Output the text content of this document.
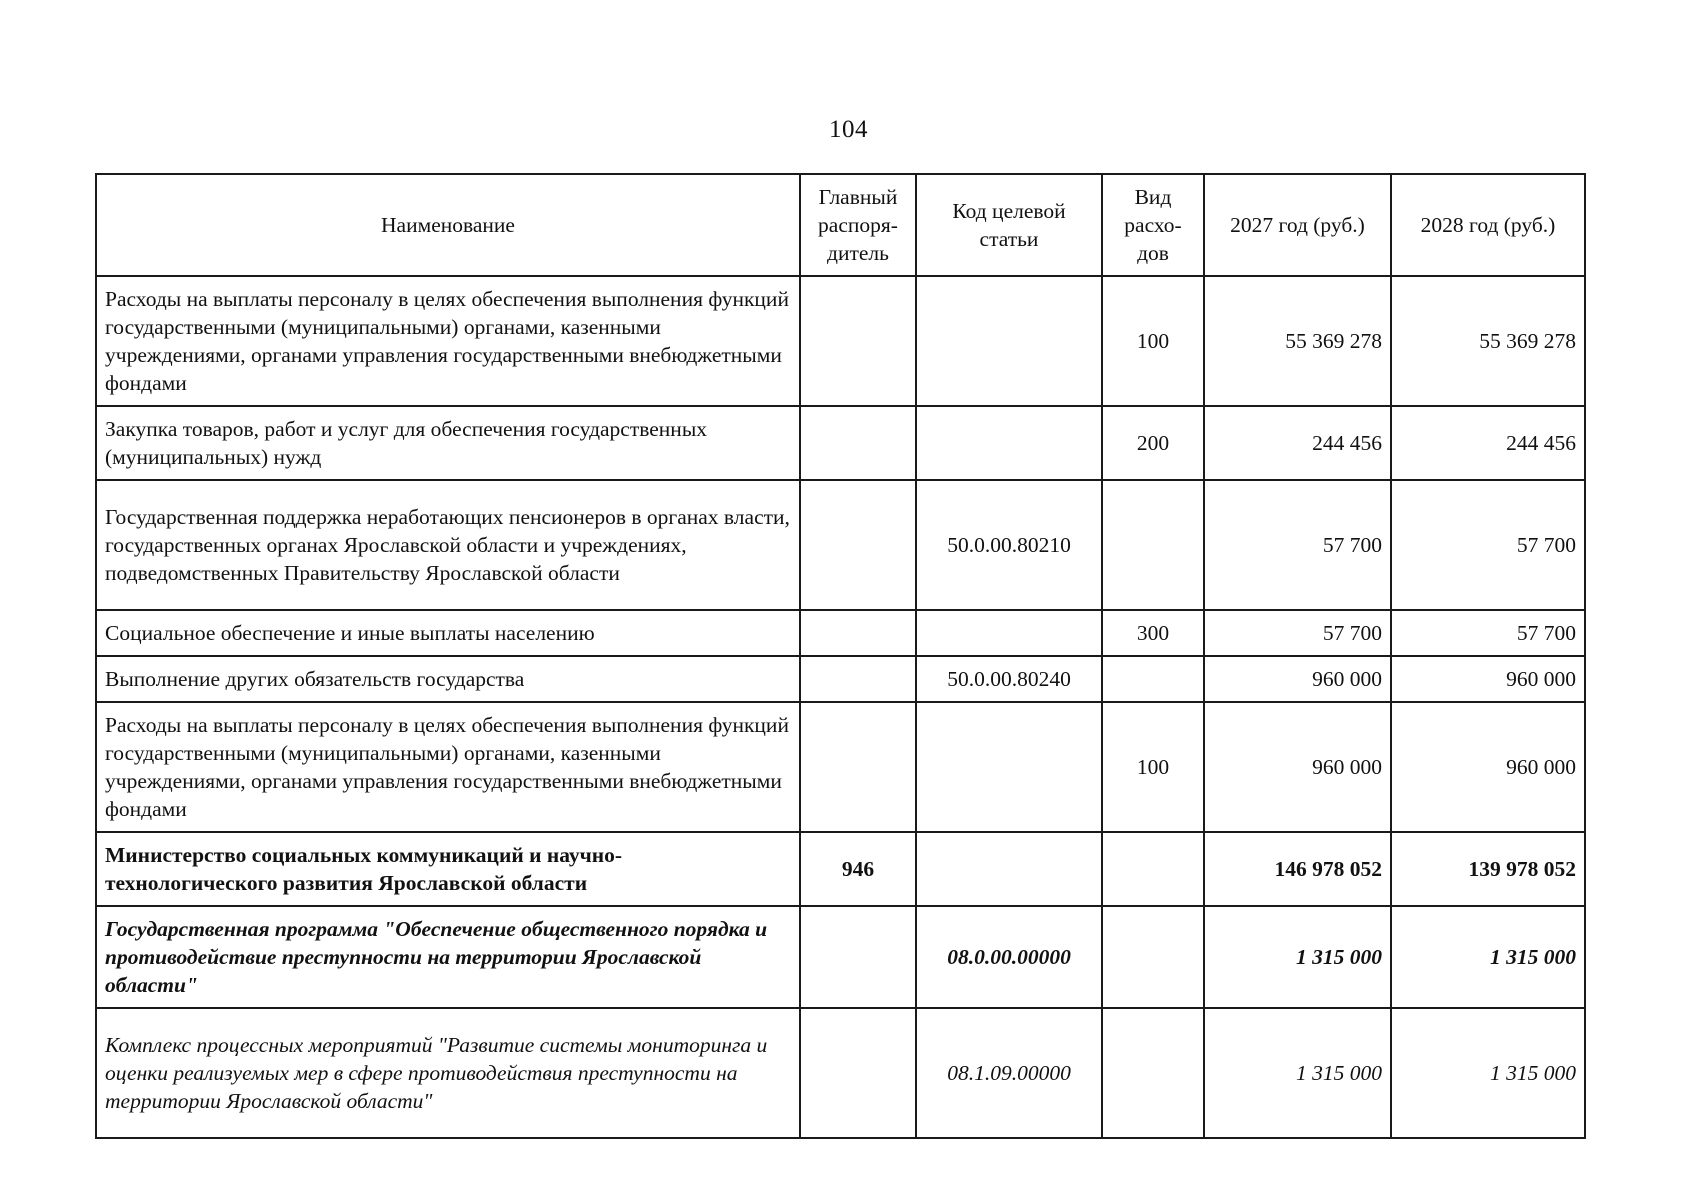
104
Наименование	Главный распоря-дитель	Код целевой статьи	Вид расхо-дов	2027 год (руб.)	2028 год (руб.)
Расходы на выплаты персоналу в целях обеспечения выполнения функций государственными (муниципальными) органами, казенными учреждениями, органами управления государственными внебюджетными фондами			100	55 369 278	55 369 278
Закупка товаров, работ и услуг для обеспечения государственных (муниципальных) нужд			200	244 456	244 456
Государственная поддержка неработающих пенсионеров в органах власти, государственных органах Ярославской области и учреждениях, подведомственных Правительству Ярославской области		50.0.00.80210		57 700	57 700
Социальное обеспечение и иные выплаты населению			300	57 700	57 700
Выполнение других обязательств государства		50.0.00.80240		960 000	960 000
Расходы на выплаты персоналу в целях обеспечения выполнения функций государственными (муниципальными) органами, казенными учреждениями, органами управления государственными внебюджетными фондами			100	960 000	960 000
Министерство социальных коммуникаций и научно-технологического развития Ярославской области	946			146 978 052	139 978 052
Государственная программа "Обеспечение общественного порядка и противодействие преступности на территории Ярославской области"		08.0.00.00000		1 315 000	1 315 000
Комплекс процессных мероприятий "Развитие системы мониторинга и оценки реализуемых мер в сфере противодействия преступности на территории Ярославской области"		08.1.09.00000		1 315 000	1 315 000
